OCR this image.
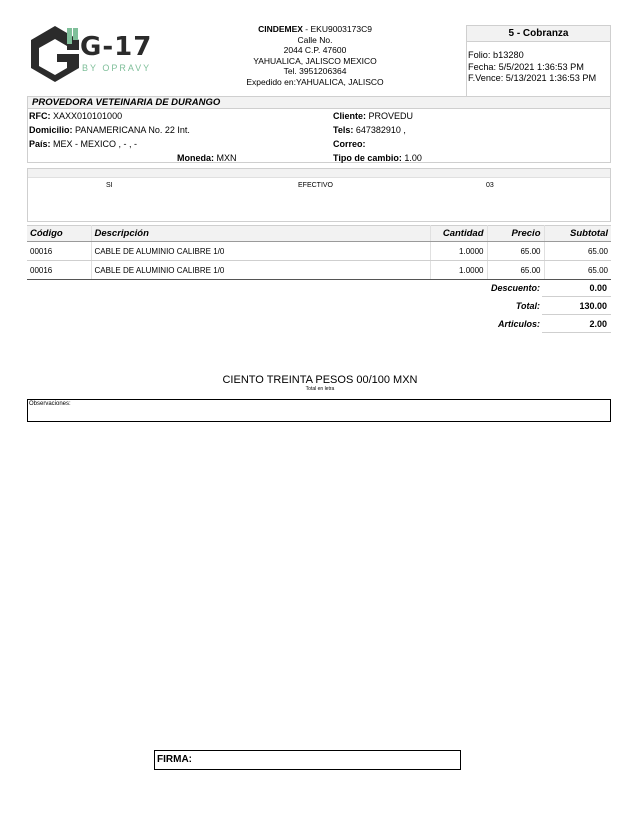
G-17
BY OPRAVY
CINDEMEX - EKU9003173C9
Calle No.
2044 C.P. 47600
YAHUALICA, JALISCO MEXICO
Tel. 3951206364
Expedido en:YAHUALICA, JALISCO
5 - Cobranza
Folio: b13280
Fecha: 5/5/2021 1:36:53 PM
F.Vence: 5/13/2021 1:36:53 PM
PROVEDORA VETEINARIA DE DURANGO
RFC: XAXX010101000
Domicilio: PANAMERICANA No. 22 Int.
País: MEX - MEXICO , - , -
Moneda: MXN
Cliente: PROVEDU
Tels: 647382910 ,
Correo:
Tipo de cambio: 1.00
SI	EFECTIVO	03
Código	Descripción	Cantidad	Precio	Subtotal
00016	CABLE DE ALUMINIO CALIBRE 1/0	1.0000	65.00	65.00
00016	CABLE DE ALUMINIO CALIBRE 1/0	1.0000	65.00	65.00
Descuento:	0.00
Total:	130.00
Articulos:	2.00
CIENTO TREINTA PESOS 00/100 MXN
Total en letra
Observaciones:
FIRMA:
